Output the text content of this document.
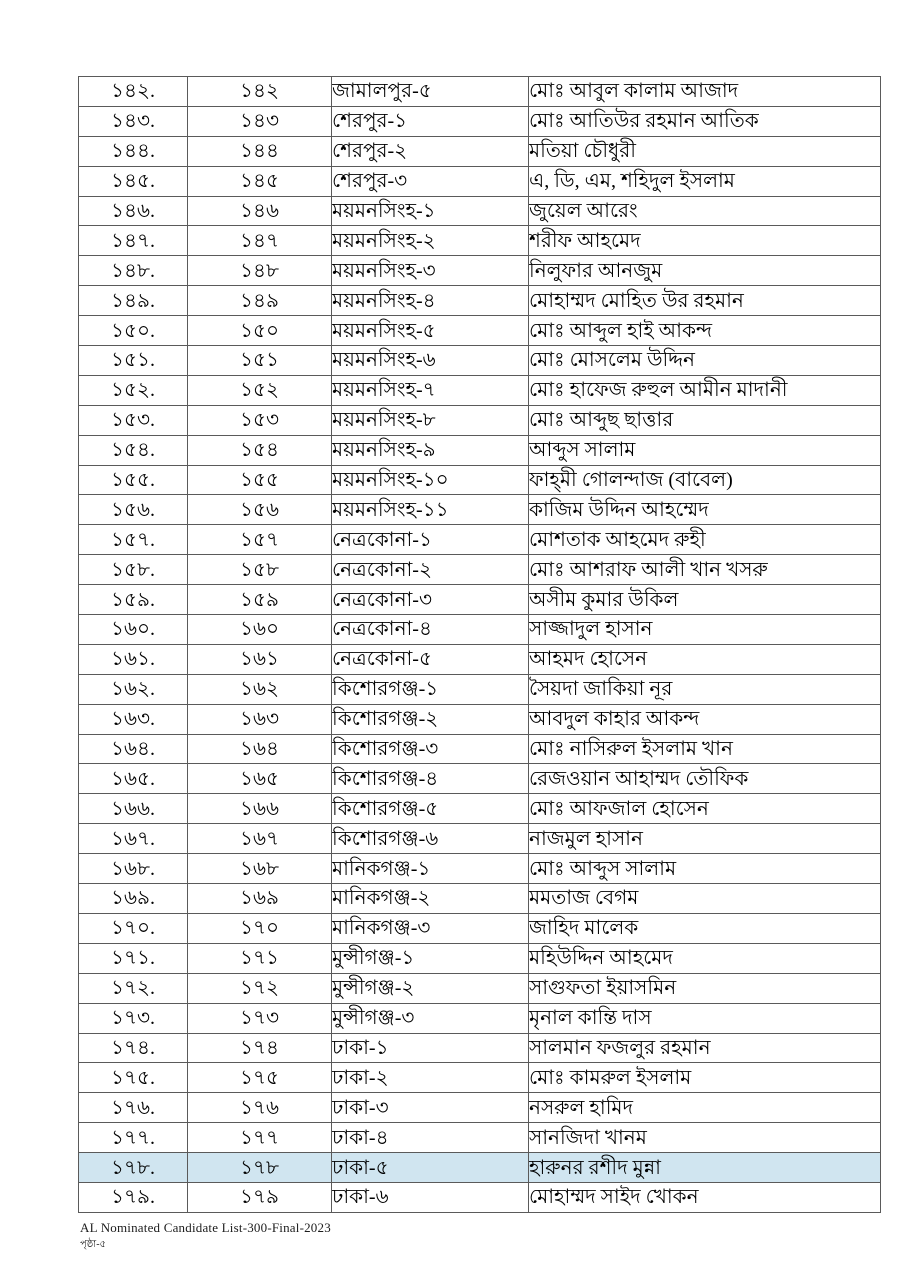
১৪২.	১৪২	জামালপুর-৫	মোঃ আবুল কালাম আজাদ
১৪৩.	১৪৩	শেরপুর-১	মোঃ আতিউর রহমান আতিক
১৪৪.	১৪৪	শেরপুর-২	মতিয়া চৌধুরী
১৪৫.	১৪৫	শেরপুর-৩	এ, ডি, এম, শহিদুল ইসলাম
১৪৬.	১৪৬	ময়মনসিংহ-১	জুয়েল আরেং
১৪৭.	১৪৭	ময়মনসিংহ-২	শরীফ আহমেদ
১৪৮.	১৪৮	ময়মনসিংহ-৩	নিলুফার আনজুম
১৪৯.	১৪৯	ময়মনসিংহ-৪	মোহাম্মদ মোহিত উর রহমান
১৫০.	১৫০	ময়মনসিংহ-৫	মোঃ আব্দুল হাই আকন্দ
১৫১.	১৫১	ময়মনসিংহ-৬	মোঃ মোসলেম উদ্দিন
১৫২.	১৫২	ময়মনসিংহ-৭	মোঃ হাফেজ রুহুল আমীন মাদানী
১৫৩.	১৫৩	ময়মনসিংহ-৮	মোঃ আব্দুছ ছাত্তার
১৫৪.	১৫৪	ময়মনসিংহ-৯	আব্দুস সালাম
১৫৫.	১৫৫	ময়মনসিংহ-১০	ফাহ্‌মী গোলন্দাজ (বাবেল)
১৫৬.	১৫৬	ময়মনসিংহ-১১	কাজিম উদ্দিন আহম্মেদ
১৫৭.	১৫৭	নেত্রকোনা-১	মোশতাক আহমেদ রুহী
১৫৮.	১৫৮	নেত্রকোনা-২	মোঃ আশরাফ আলী খান খসরু
১৫৯.	১৫৯	নেত্রকোনা-৩	অসীম কুমার উকিল
১৬০.	১৬০	নেত্রকোনা-৪	সাজ্জাদুল হাসান
১৬১.	১৬১	নেত্রকোনা-৫	আহমদ হোসেন
১৬২.	১৬২	কিশোরগঞ্জ-১	সৈয়দা জাকিয়া নূর
১৬৩.	১৬৩	কিশোরগঞ্জ-২	আবদুল কাহার আকন্দ
১৬৪.	১৬৪	কিশোরগঞ্জ-৩	মোঃ নাসিরুল ইসলাম খান
১৬৫.	১৬৫	কিশোরগঞ্জ-৪	রেজওয়ান আহাম্মদ তৌফিক
১৬৬.	১৬৬	কিশোরগঞ্জ-৫	মোঃ আফজাল হোসেন
১৬৭.	১৬৭	কিশোরগঞ্জ-৬	নাজমুল হাসান
১৬৮.	১৬৮	মানিকগঞ্জ-১	মোঃ আব্দুস সালাম
১৬৯.	১৬৯	মানিকগঞ্জ-২	মমতাজ বেগম
১৭০.	১৭০	মানিকগঞ্জ-৩	জাহিদ মালেক
১৭১.	১৭১	মুন্সীগঞ্জ-১	মহিউদ্দিন আহমেদ
১৭২.	১৭২	মুন্সীগঞ্জ-২	সাগুফতা ইয়াসমিন
১৭৩.	১৭৩	মুন্সীগঞ্জ-৩	মৃনাল কান্তি দাস
১৭৪.	১৭৪	ঢাকা-১	সালমান ফজলুর রহমান
১৭৫.	১৭৫	ঢাকা-২	মোঃ কামরুল ইসলাম
১৭৬.	১৭৬	ঢাকা-৩	নসরুল হামিদ
১৭৭.	১৭৭	ঢাকা-৪	সানজিদা খানম
১৭৮.	১৭৮	ঢাকা-৫	হারুনর রশীদ মুন্না
১৭৯.	১৭৯	ঢাকা-৬	মোহাম্মদ সাইদ খোকন
AL Nominated Candidate List-300-Final-2023
পৃষ্ঠা-৫
